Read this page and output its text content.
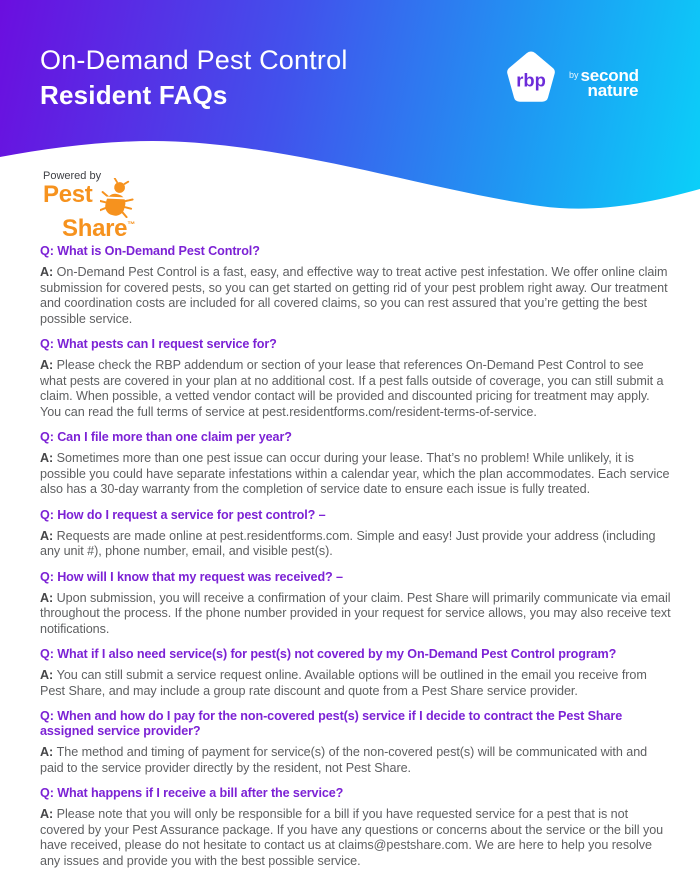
On-Demand Pest Control
Resident FAQs	rbp	by second
nature
Powered by
Pest
Share ™
Q: What is On-Demand Pest Control?

A: On-Demand Pest Control is a fast, easy, and effective way to treat active pest infestation. We offer online claim submission for covered pests, so you can get started on getting rid of your pest problem right away. Our treatment and coordination costs are included for all covered claims, so you can rest assured that you’re getting the best possible service.

Q: What pests can I request service for?

A: Please check the RBP addendum or section of your lease that references On-Demand Pest Control to see what pests are covered in your plan at no additional cost. If a pest falls outside of coverage, you can still submit a claim. When possible, a vetted vendor contact will be provided and discounted pricing for treatment may apply. You can read the full terms of service at pest.residentforms.com/resident-terms-of-service.

Q: Can I file more than one claim per year?

A: Sometimes more than one pest issue can occur during your lease. That’s no problem! While unlikely, it is possible you could have separate infestations within a calendar year, which the plan accommodates. Each service also has a 30-day warranty from the completion of service date to ensure each issue is fully treated.

Q: How do I request a service for pest control? –

A: Requests are made online at pest.residentforms.com. Simple and easy! Just provide your address (including any unit #), phone number, email, and visible pest(s).

Q: How will I know that my request was received? –

A: Upon submission, you will receive a confirmation of your claim. Pest Share will primarily communicate via email throughout the process. If the phone number provided in your request for service allows, you may also receive text notifications.

Q: What if I also need service(s) for pest(s) not covered by my On-Demand Pest Control program?

A: You can still submit a service request online. Available options will be outlined in the email you receive from Pest Share, and may include a group rate discount and quote from a Pest Share service provider.

Q: When and how do I pay for the non-covered pest(s) service if I decide to contract the Pest Share assigned service provider?

A: The method and timing of payment for service(s) of the non-covered pest(s) will be communicated with and paid to the service provider directly by the resident, not Pest Share.

Q: What happens if I receive a bill after the service?

A: Please note that you will only be responsible for a bill if you have requested service for a pest that is not covered by your Pest Assurance package. If you have any questions or concerns about the service or the bill you have received, please do not hesitate to contact us at claims@pestshare.com. We are here to help you resolve any issues and provide you with the best possible service.
